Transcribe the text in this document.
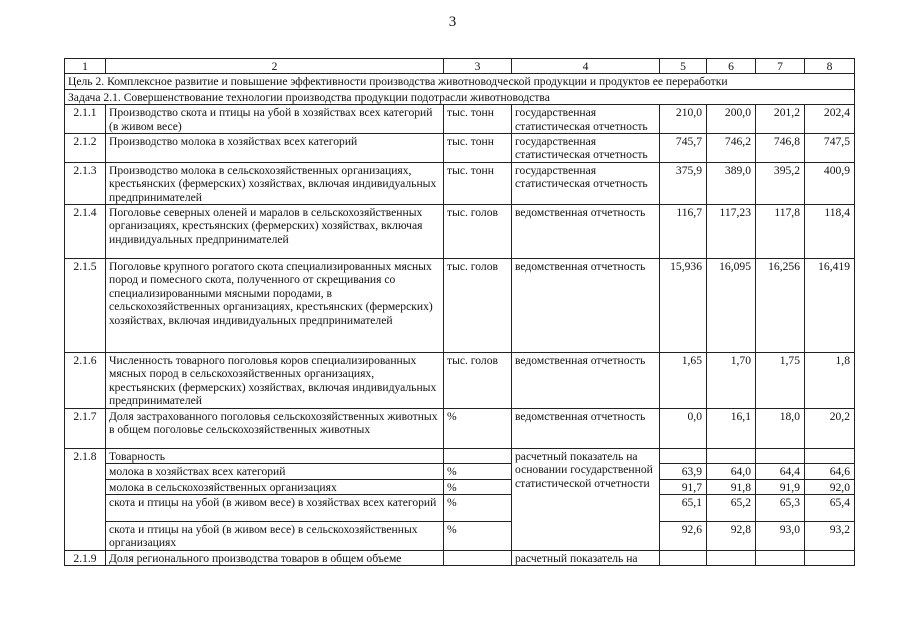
3
1	2	3	4	5	6	7	8
Цель 2. Комплексное развитие и повышение эффективности производства животноводческой продукции и продуктов ее переработки							
Задача 2.1. Совершенствование технологии производства продукции подотрасли животноводства							
2.1.1	Производство скота и птицы на убой в хозяйствах всех категорий (в живом весе)	тыс. тонн	государственная статистическая отчетность	210,0	200,0	201,2	202,4
2.1.2	Производство молока в хозяйствах всех категорий	тыс. тонн	государственная статистическая отчетность	745,7	746,2	746,8	747,5
2.1.3	Производство молока в сельскохозяйственных организациях, крестьянских (фермерских) хозяйствах, включая индивидуальных предпринимателей	тыс. тонн	государственная статистическая отчетность	375,9	389,0	395,2	400,9
2.1.4	Поголовье северных оленей и маралов в сельскохозяйственных организациях, крестьянских (фермерских) хозяйствах, включая индивидуальных предпринимателей	тыс. голов	ведомственная отчетность	116,7	117,23	117,8	118,4
2.1.5	Поголовье крупного рогатого скота специализированных мясных пород и помесного скота, полученного от скрещивания со специализированными мясными породами, в сельскохозяйственных организациях, крестьянских (фермерских) хозяйствах, включая индивидуальных предпринимателей	тыс. голов	ведомственная отчетность	15,936	16,095	16,256	16,419
2.1.6	Численность товарного поголовья коров специализированных мясных пород в сельскохозяйственных организациях, крестьянских (фермерских) хозяйствах, включая индивидуальных предпринимателей	тыс. голов	ведомственная отчетность	1,65	1,70	1,75	1,8
2.1.7	Доля застрахованного поголовья сельскохозяйственных животных в общем поголовье сельскохозяйственных животных	%	ведомственная отчетность	0,0	16,1	18,0	20,2
2.1.8	Товарность		расчетный показатель на основании государственной статистической отчетности				
	молока в хозяйствах всех категорий	%		63,9	64,0	64,4	64,6
	молока в сельскохозяйственных организациях	%		91,7	91,8	91,9	92,0
	скота и птицы на убой (в живом весе) в хозяйствах всех категорий	%		65,1	65,2	65,3	65,4
	скота и птицы на убой (в живом весе) в сельскохозяйственных организациях	%		92,6	92,8	93,0	93,2
2.1.9	Доля регионального производства товаров в общем объеме		расчетный показатель на				
